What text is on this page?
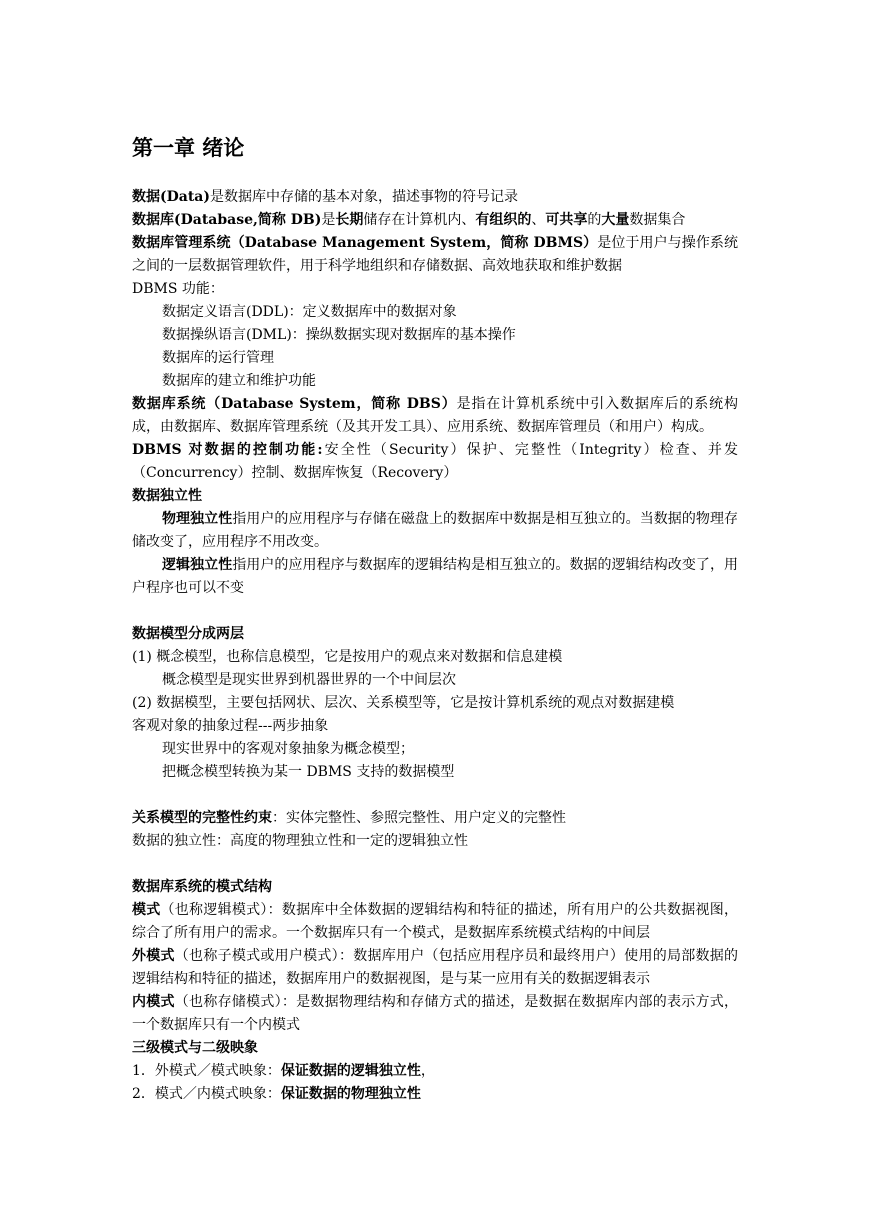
第一章 绪论

数据(Data)是数据库中存储的基本对象，描述事物的符号记录

数据库(Database,简称 DB)是长期储存在计算机内、有组织的、可共享的大量数据集合

数据库管理系统（Database Management System，简称 DBMS）是位于用户与操作系统之间的一层数据管理软件，用于科学地组织和存储数据、高效地获取和维护数据

DBMS 功能：

数据定义语言(DDL)：定义数据库中的数据对象

数据操纵语言(DML)：操纵数据实现对数据库的基本操作

数据库的运行管理

数据库的建立和维护功能

数据库系统（Database System，简称 DBS）是指在计算机系统中引入数据库后的系统构成，由数据库、数据库管理系统（及其开发工具）、应用系统、数据库管理员（和用户）构成。

DBMS 对数据的控制功能:安全性（Security）保护、完整性（Integrity）检查、并发（Concurrency）控制、数据库恢复（Recovery）

数据独立性

物理独立性指用户的应用程序与存储在磁盘上的数据库中数据是相互独立的。当数据的物理存储改变了，应用程序不用改变。

逻辑独立性指用户的应用程序与数据库的逻辑结构是相互独立的。数据的逻辑结构改变了，用户程序也可以不变

数据模型分成两层

(1) 概念模型，也称信息模型，它是按用户的观点来对数据和信息建模

概念模型是现实世界到机器世界的一个中间层次

(2) 数据模型，主要包括网状、层次、关系模型等，它是按计算机系统的观点对数据建模

客观对象的抽象过程---两步抽象

现实世界中的客观对象抽象为概念模型；

把概念模型转换为某一 DBMS 支持的数据模型

关系模型的完整性约束：实体完整性、参照完整性、用户定义的完整性

数据的独立性：高度的物理独立性和一定的逻辑独立性

数据库系统的模式结构

模式（也称逻辑模式）：数据库中全体数据的逻辑结构和特征的描述，所有用户的公共数据视图，综合了所有用户的需求。一个数据库只有一个模式，是数据库系统模式结构的中间层

外模式（也称子模式或用户模式）：数据库用户（包括应用程序员和最终用户）使用的局部数据的逻辑结构和特征的描述，数据库用户的数据视图，是与某一应用有关的数据逻辑表示

内模式（也称存储模式）：是数据物理结构和存储方式的描述，是数据在数据库内部的表示方式，一个数据库只有一个内模式

三级模式与二级映象

1．外模式／模式映象：保证数据的逻辑独立性，

2．模式／内模式映象：保证数据的物理独立性
